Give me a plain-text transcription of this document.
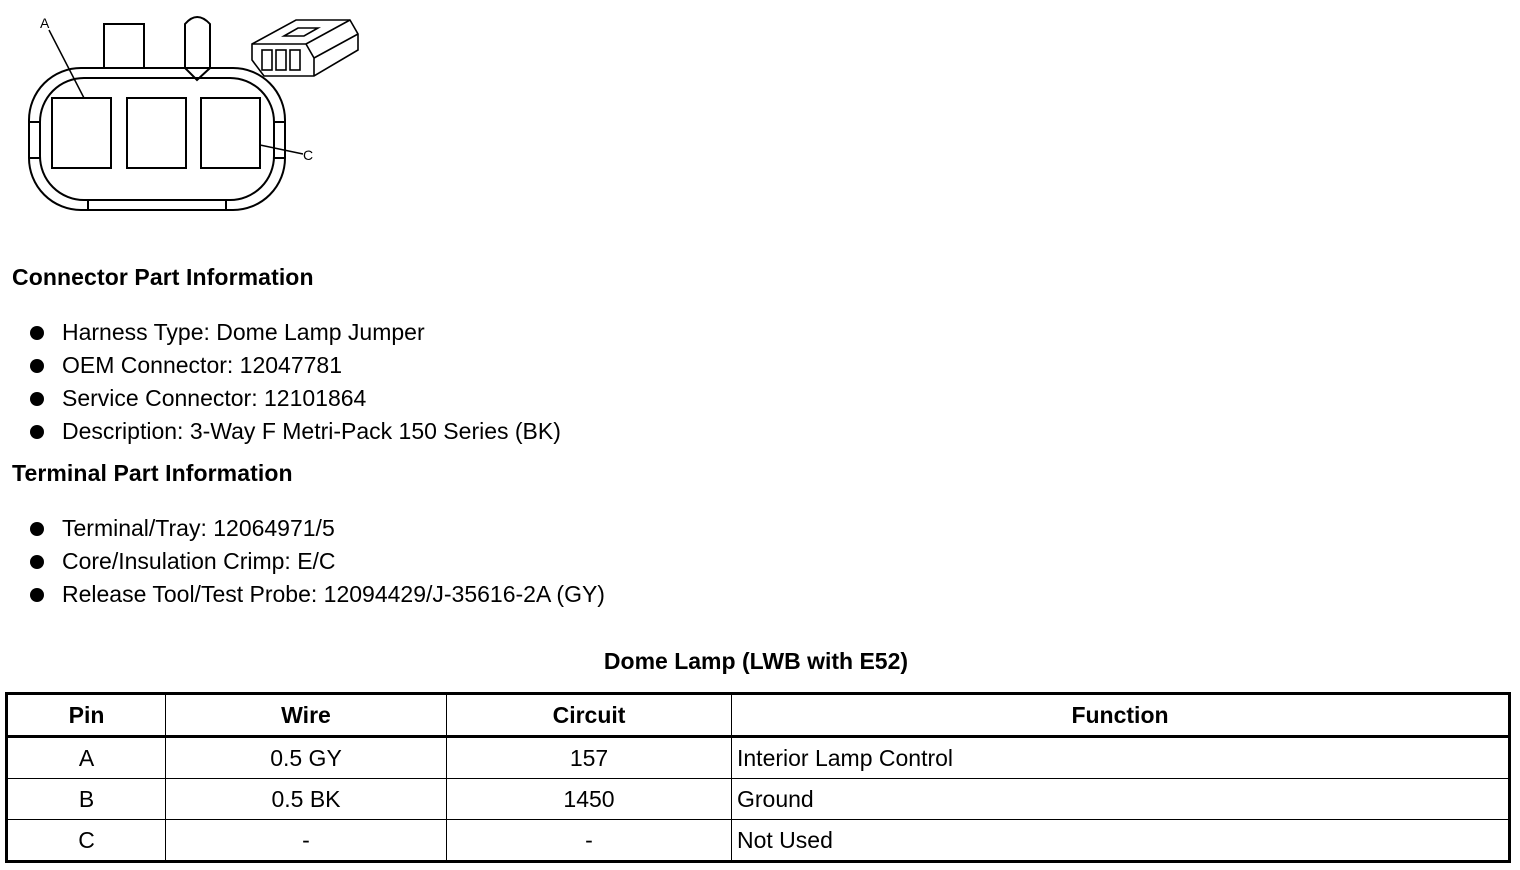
A
C
Connector Part Information
Harness Type: Dome Lamp Jumper
OEM Connector: 12047781
Service Connector: 12101864
Description: 3-Way F Metri-Pack 150 Series (BK)
Terminal Part Information
Terminal/Tray: 12064971/5
Core/Insulation Crimp: E/C
Release Tool/Test Probe: 12094429/J-35616-2A (GY)
Dome Lamp (LWB with E52)
Pin	Wire	Circuit	Function
A	0.5 GY	157	Interior Lamp Control
B	0.5 BK	1450	Ground
C	-	-	Not Used
